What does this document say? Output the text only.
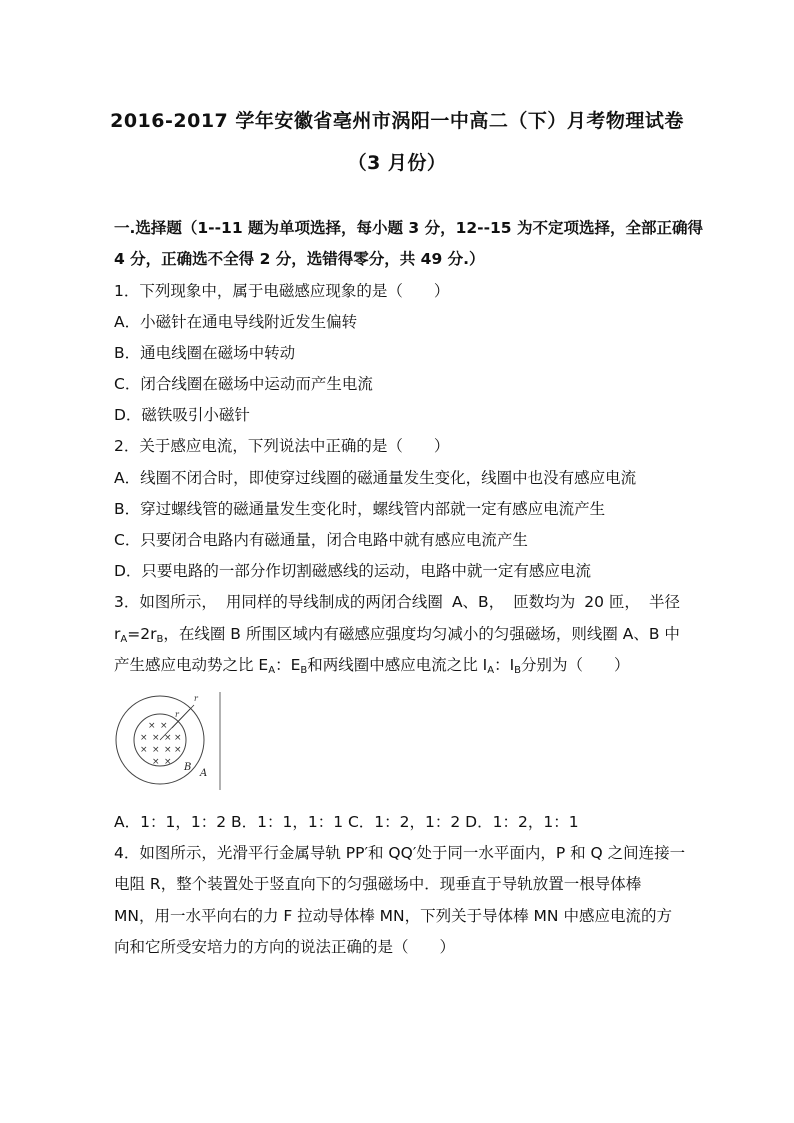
2016-2017 学年安徽省亳州市涡阳一中高二（下）月考物理试卷
（3 月份）
一.选择题（1--11 题为单项选择，每小题 3 分，12--15 为不定项选择，全部正确得
4 分，正确选不全得 2 分，选错得零分，共 49 分.）
1．下列现象中，属于电磁感应现象的是（　　）
A．小磁针在通电导线附近发生偏转
B．通电线圈在磁场中转动
C．闭合线圈在磁场中运动而产生电流
D．磁铁吸引小磁针
2．关于感应电流，下列说法中正确的是（　　）
A．线圈不闭合时，即使穿过线圈的磁通量发生变化，线圈中也没有感应电流
B．穿过螺线管的磁通量发生变化时，螺线管内部就一定有感应电流产生
C．只要闭合电路内有磁通量，闭合电路中就有感应电流产生
D．只要电路的一部分作切割磁感线的运动，电路中就一定有感应电流
3．如图所示， 用同样的导线制成的两闭合线圈 A、B， 匝数均为 20 匝， 半径
$r_A=2r_B$，在线圈 B 所围区域内有磁感应强度均匀减小的匀强磁场，则线圈 A、B 中
产生感应电动势之比 $E_A$：$E_B$和两线圈中感应电流之比 $I_A$：$I_B$分别为（　　）
× ×
× × × ×
× × × ×
× ×
r
r
B
A
A．1：1，1：2 B．1：1，1：1 C．1：2，1：2 D．1：2，1：1
4．如图所示，光滑平行金属导轨 PP′和 QQ′处于同一水平面内，P 和 Q 之间连接一
电阻 R，整个装置处于竖直向下的匀强磁场中．现垂直于导轨放置一根导体棒
MN，用一水平向右的力 F 拉动导体棒 MN，下列关于导体棒 MN 中感应电流的方
向和它所受安培力的方向的说法正确的是（　　）
